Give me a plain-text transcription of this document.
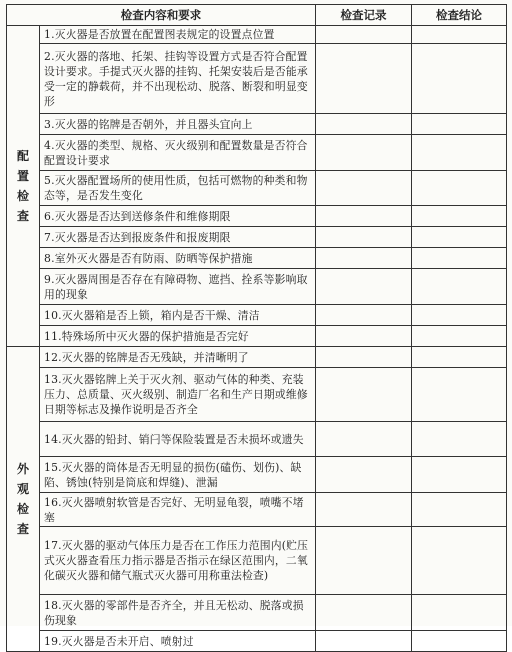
检查内容和要求		检查记录	检查结论
配置检查	1.灭火器是否放置在配置图表规定的设置点位置		
	2.灭火器的落地、托架、挂钩等设置方式是否符合配置设计要求。手提式灭火器的挂钩、托架安装后是否能承受一定的静载荷，并不出现松动、脱落、断裂和明显变形		
	3.灭火器的铭牌是否朝外，并且器头宜向上		
	4.灭火器的类型、规格、灭火级别和配置数量是否符合配置设计要求		
	5.灭火器配置场所的使用性质，包括可燃物的种类和物态等，是否发生变化		
	6.灭火器是否达到送修条件和维修期限		
	7.灭火器是否达到报废条件和报废期限		
	8.室外灭火器是否有防雨、防晒等保护措施		
	9.灭火器周围是否存在有障碍物、遮挡、拴系等影响取用的现象		
	10.灭火器箱是否上锁，箱内是否干燥、清洁		
	11.特殊场所中灭火器的保护措施是否完好		
外观检查	12.灭火器的铭牌是否无残缺，并清晰明了		
	13.灭火器铭牌上关于灭火剂、驱动气体的种类、充装压力、总质量、灭火级别、制造厂名和生产日期或维修日期等标志及操作说明是否齐全		
	14.灭火器的铅封、销闩等保险装置是否未损坏或遗失		
	15.灭火器的筒体是否无明显的损伤(磕伤、划伤)、缺陷、锈蚀(特别是筒底和焊缝)、泄漏		
	16.灭火器喷射软管是否完好、无明显龟裂，喷嘴不堵塞		
	17.灭火器的驱动气体压力是否在工作压力范围内(贮压式灭火器查看压力指示器是否指示在绿区范围内，二氧化碳灭火器和储气瓶式灭火器可用称重法检查)		
	18.灭火器的零部件是否齐全，并且无松动、脱落或损伤现象		
	19.灭火器是否未开启、喷射过		
